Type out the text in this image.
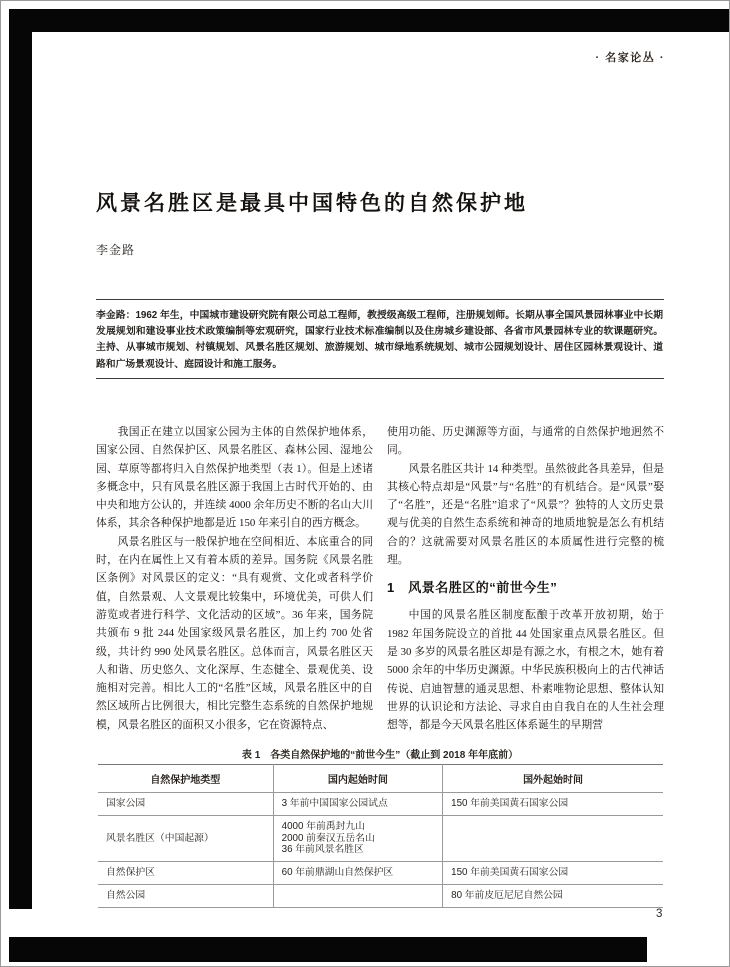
· 名家论丛 ·
风景名胜区是最具中国特色的自然保护地
李金路
李金路：1962 年生，中国城市建设研究院有限公司总工程师，教授级高级工程师，注册规划师。长期从事全国风景园林事业中长期发展规划和建设事业技术政策编制等宏观研究，国家行业技术标准编制以及住房城乡建设部、各省市风景园林专业的软课题研究。主持、从事城市规划、村镇规划、风景名胜区规划、旅游规划、城市绿地系统规划、城市公园规划设计、居住区园林景观设计、道路和广场景观设计、庭园设计和施工服务。

我国正在建立以国家公园为主体的自然保护地体系，国家公园、自然保护区、风景名胜区、森林公园、湿地公园、草原等都将归入自然保护地类型（表 1）。但是上述诸多概念中，只有风景名胜区源于我国上古时代开始的、由中央和地方公认的，并连续 4000 余年历史不断的名山大川体系，其余各种保护地都是近 150 年来引自的西方概念。

风景名胜区与一般保护地在空间相近、本底重合的同时，在内在属性上又有着本质的差异。国务院《风景名胜区条例》对风景区的定义：“具有观赏、文化或者科学价值，自然景观、人文景观比较集中，环境优美，可供人们游览或者进行科学、文化活动的区域”。36 年来，国务院共颁布 9 批 244 处国家级风景名胜区，加上约 700 处省级，共计约 990 处风景名胜区。总体而言，风景名胜区天人和谐、历史悠久、文化深厚、生态健全、景观优美、设施相对完善。相比人工的“名胜”区域，风景名胜区中的自然区域所占比例很大，相比完整生态系统的自然保护地规模，风景名胜区的面积又小很多，它在资源特点、

使用功能、历史渊源等方面，与通常的自然保护地迥然不同。

风景名胜区共计 14 种类型。虽然彼此各具差异，但是其核心特点却是“风景”与“名胜”的有机结合。是“风景”娶了“名胜”，还是“名胜”追求了“风景”？独特的人文历史景观与优美的自然生态系统和神奇的地质地貌是怎么有机结合的？这就需要对风景名胜区的本质属性进行完整的梳理。

1　风景名胜区的“前世今生”

中国的风景名胜区制度酝酿于改革开放初期，始于 1982 年国务院设立的首批 44 处国家重点风景名胜区。但是 30 多岁的风景名胜区却是有源之水，有根之木，她有着 5000 余年的中华历史渊源。中华民族积极向上的古代神话传说、启迪智慧的通灵思想、朴素唯物论思想、整体认知世界的认识论和方法论、寻求自由自我自在的人生社会理想等，都是今天风景名胜区体系诞生的早期营

表 1　各类自然保护地的“前世今生”（截止到 2018 年年底前）
自然保护地类型	国内起始时间	国外起始时间

国家公园	3 年前中国国家公园试点	150 年前美国黄石国家公园

风景名胜区（中国起源）	4000 年前禹封九山
2000 前秦汉五岳名山
36 年前风景名胜区	

自然保护区	60 年前鼎湖山自然保护区	150 年前美国黄石国家公园

自然公园		80 年前皮厄尼尼自然公园
3
